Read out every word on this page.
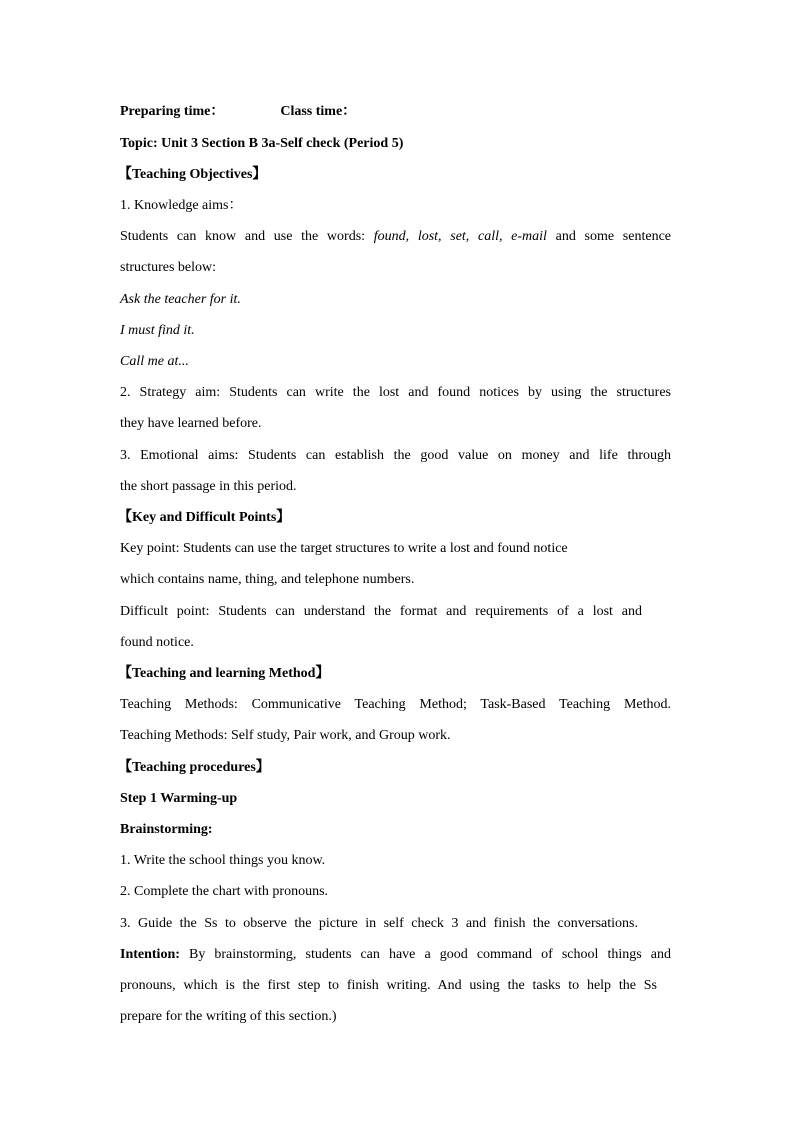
Preparing time：	Class time：
Topic: Unit 3 Section B 3a-Self check (Period 5)
【Teaching Objectives】
1. Knowledge aims：
Students can know and use the words: found, lost, set, call, e-mail and some sentence
structures below:
Ask the teacher for it.
I must find it.
Call me at...
2. Strategy aim: Students can write the lost and found notices by using the structures
they have learned before.
3. Emotional aims: Students can establish the good value on money and life through
the short passage in this period.
【Key and Difficult Points】
Key point: Students can use the target structures to write a lost and found notice
which contains name, thing, and telephone numbers.
Difficult point: Students can understand the format and requirements of a lost and
found notice.
【Teaching and learning Method】
Teaching Methods: Communicative Teaching Method; Task-Based Teaching Method.
Teaching Methods: Self study, Pair work, and Group work.
【Teaching procedures】
Step 1 Warming-up
Brainstorming:
1. Write the school things you know.
2. Complete the chart with pronouns.
3. Guide the Ss to observe the picture in self check 3 and finish the conversations.
Intention: By brainstorming, students can have a good command of school things and
pronouns, which is the first step to finish writing. And using the tasks to help the Ss
prepare for the writing of this section.)
